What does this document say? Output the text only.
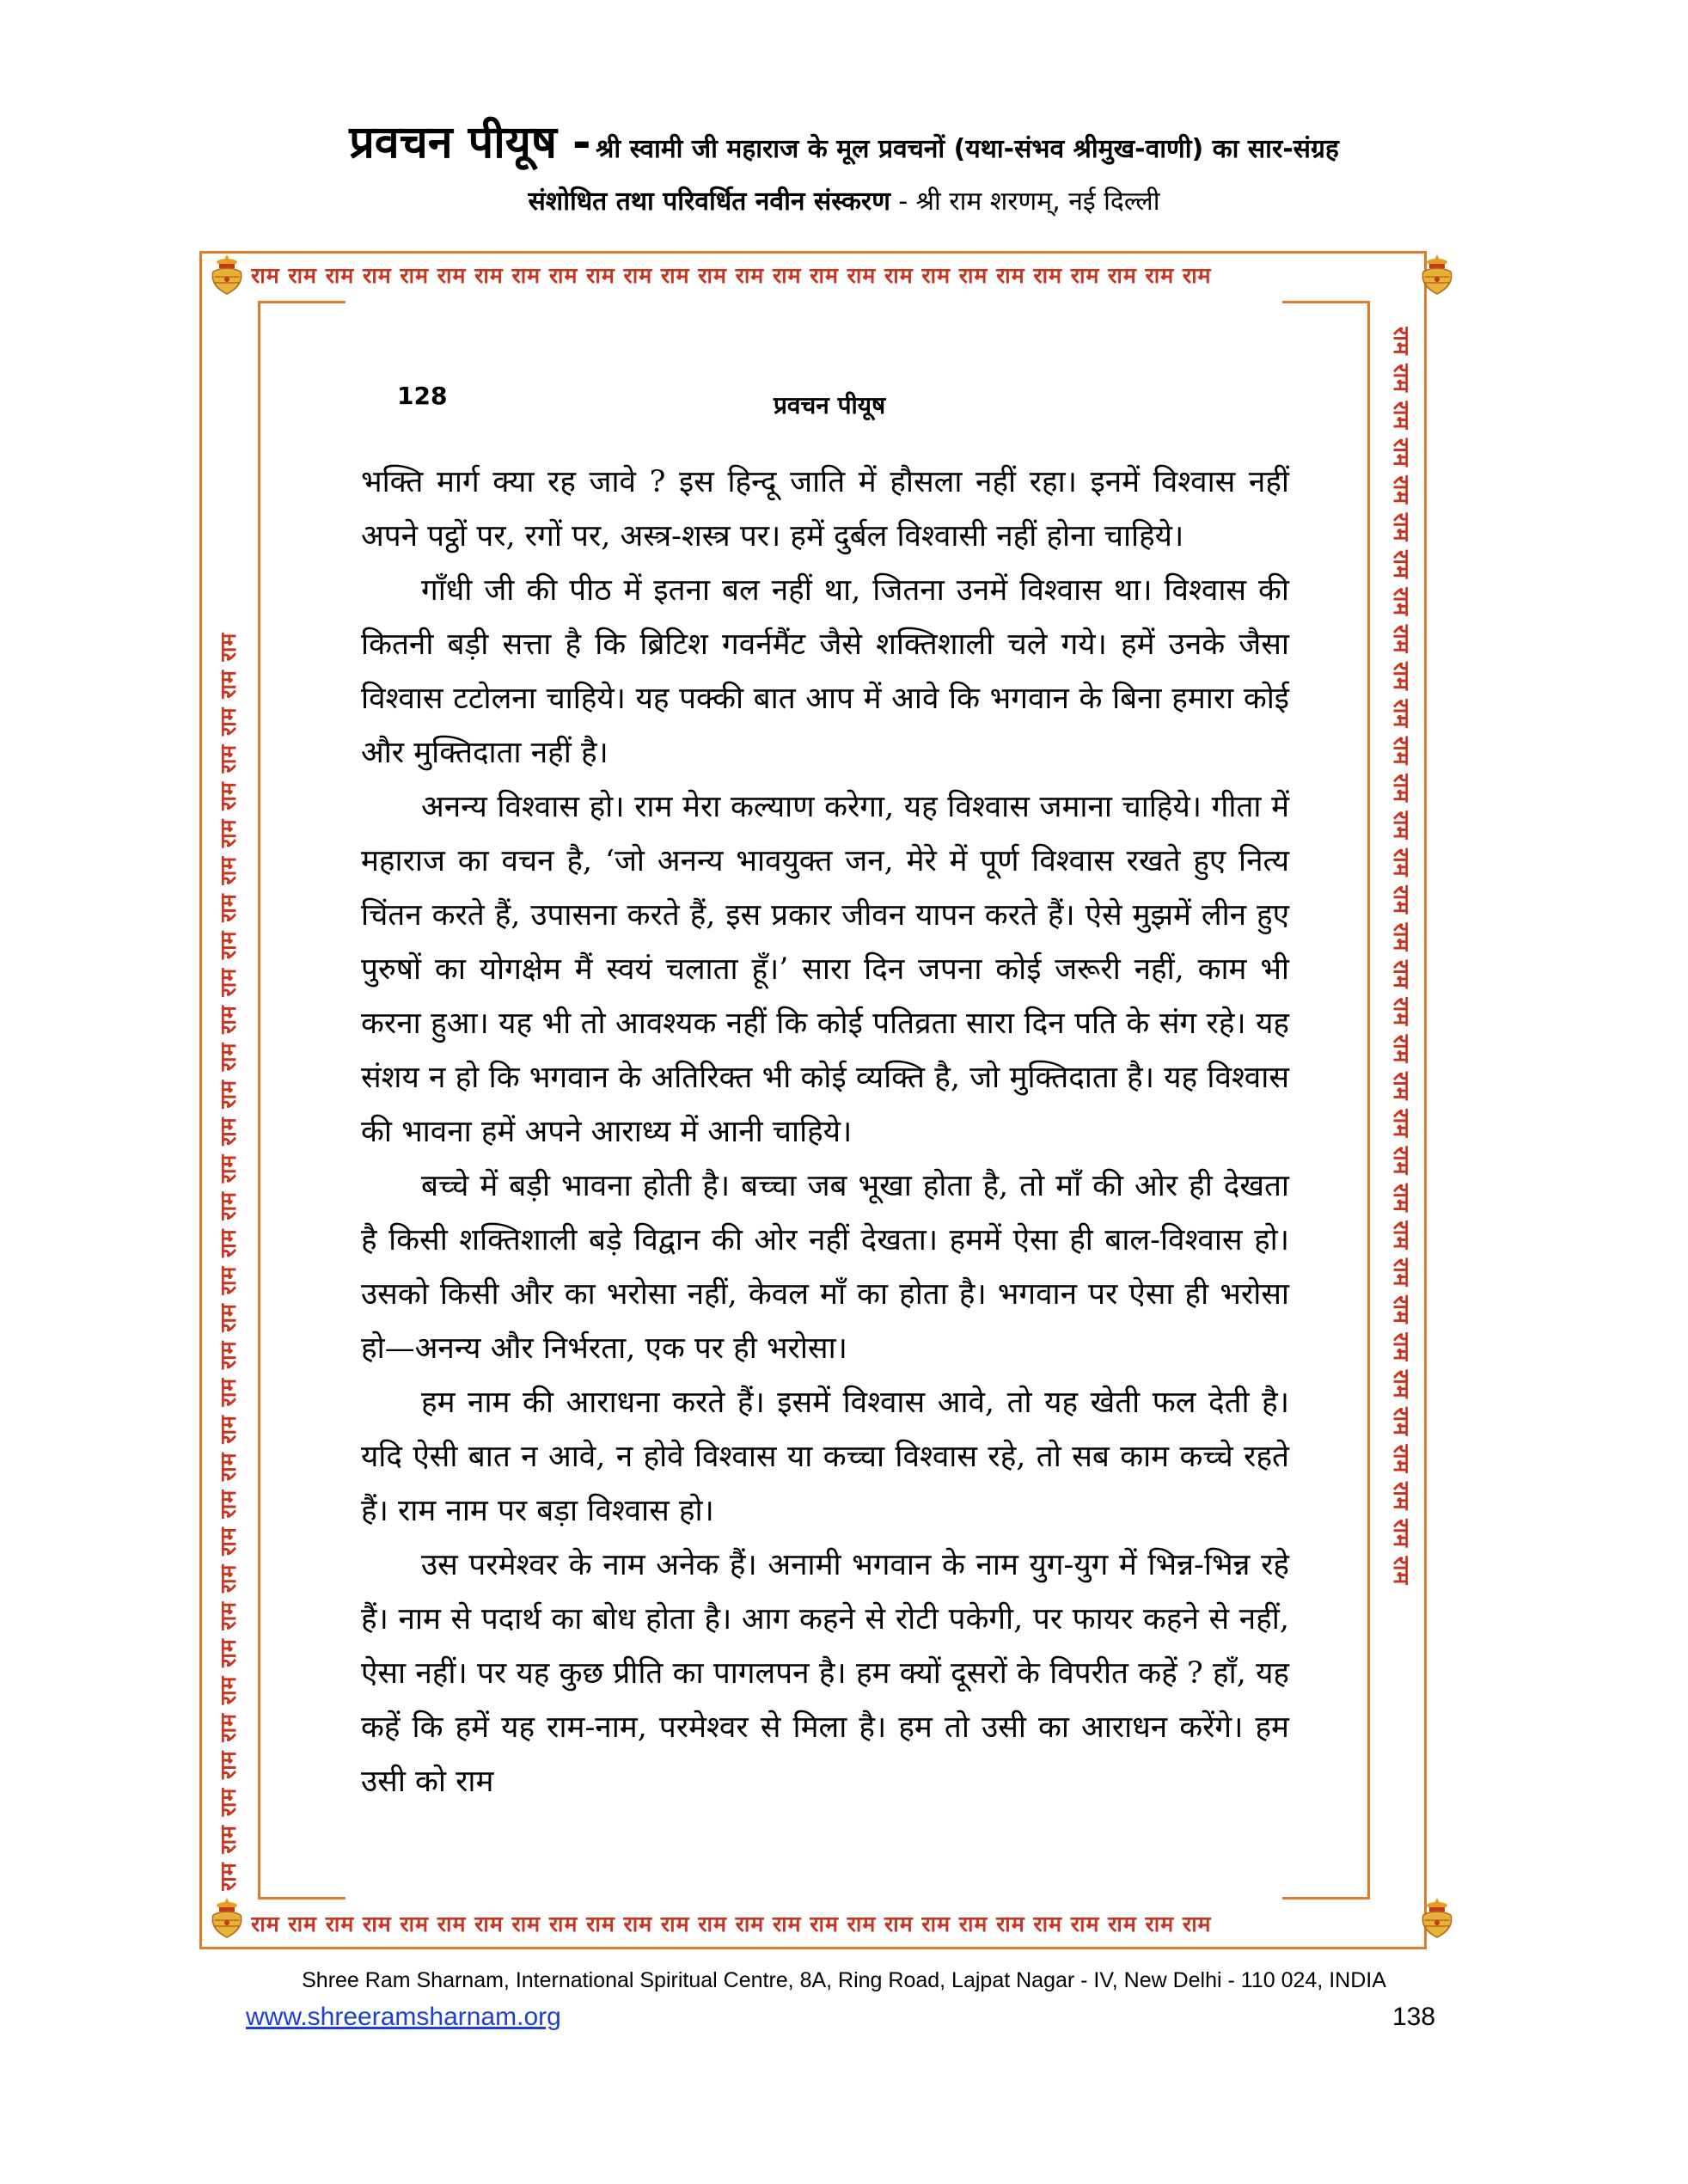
प्रवचन पीयूष - श्री स्वामी जी महाराज के मूल प्रवचनों (यथा-संभव श्रीमुख-वाणी) का सार-संग्रह
संशोधित तथा परिवर्धित नवीन संस्करण - श्री राम शरणम्, नई दिल्ली
राम राम राम राम राम राम राम राम राम राम राम राम राम राम राम राम राम राम राम राम राम राम राम राम राम राम
राम राम राम राम राम राम राम राम राम राम राम राम राम राम राम राम राम राम राम राम राम राम राम राम राम राम
राम राम राम राम राम राम राम राम राम राम राम राम राम राम राम राम राम राम राम राम राम राम राम राम राम राम राम राम राम राम राम राम राम राम	राम राम राम राम राम राम राम राम राम राम राम राम राम राम राम राम राम राम राम राम राम राम राम राम राम राम राम राम राम राम राम राम राम राम
128	प्रवचन पीयूष

भक्ति मार्ग क्या रह जावे ? इस हिन्दू जाति में हौसला नहीं रहा। इनमें विश्वास नहीं अपने पट्ठों पर, रगों पर, अस्त्र-शस्त्र पर। हमें दुर्बल विश्वासी नहीं होना चाहिये।

गाँधी जी की पीठ में इतना बल नहीं था, जितना उनमें विश्वास था। विश्वास की कितनी बड़ी सत्ता है कि ब्रिटिश गवर्नमैंट जैसे शक्तिशाली चले गये। हमें उनके जैसा विश्वास टटोलना चाहिये। यह पक्की बात आप में आवे कि भगवान के बिना हमारा कोई और मुक्तिदाता नहीं है।

अनन्य विश्वास हो। राम मेरा कल्याण करेगा, यह विश्वास जमाना चाहिये। गीता में महाराज का वचन है, ‘जो अनन्य भावयुक्त जन, मेरे में पूर्ण विश्वास रखते हुए नित्य चिंतन करते हैं, उपासना करते हैं, इस प्रकार जीवन यापन करते हैं। ऐसे मुझमें लीन हुए पुरुषों का योगक्षेम मैं स्वयं चलाता हूँ।’ सारा दिन जपना कोई जरूरी नहीं, काम भी करना हुआ। यह भी तो आवश्यक नहीं कि कोई पतिव्रता सारा दिन पति के संग रहे। यह संशय न हो कि भगवान के अतिरिक्त भी कोई व्यक्ति है, जो मुक्तिदाता है। यह विश्वास की भावना हमें अपने आराध्य में आनी चाहिये।

बच्चे में बड़ी भावना होती है। बच्चा जब भूखा होता है, तो माँ की ओर ही देखता है किसी शक्तिशाली बड़े विद्वान की ओर नहीं देखता। हममें ऐसा ही बाल-विश्वास हो। उसको किसी और का भरोसा नहीं, केवल माँ का होता है। भगवान पर ऐसा ही भरोसा हो—अनन्य और निर्भरता, एक पर ही भरोसा।

हम नाम की आराधना करते हैं। इसमें विश्वास आवे, तो यह खेती फल देती है। यदि ऐसी बात न आवे, न होवे विश्वास या कच्चा विश्वास रहे, तो सब काम कच्चे रहते हैं। राम नाम पर बड़ा विश्वास हो।

उस परमेश्वर के नाम अनेक हैं। अनामी भगवान के नाम युग-युग में भिन्न-भिन्न रहे हैं। नाम से पदार्थ का बोध होता है। आग कहने से रोटी पकेगी, पर फायर कहने से नहीं, ऐसा नहीं। पर यह कुछ प्रीति का पागलपन है। हम क्यों दूसरों के विपरीत कहें ? हाँ, यह कहें कि हमें यह राम-नाम, परमेश्वर से मिला है। हम तो उसी का आराधन करेंगे। हम उसी को राम

Shree Ram Sharnam, International Spiritual Centre, 8A, Ring Road, Lajpat Nagar - IV, New Delhi - 110 024, INDIA
www.shreeramsharnam.org	138
